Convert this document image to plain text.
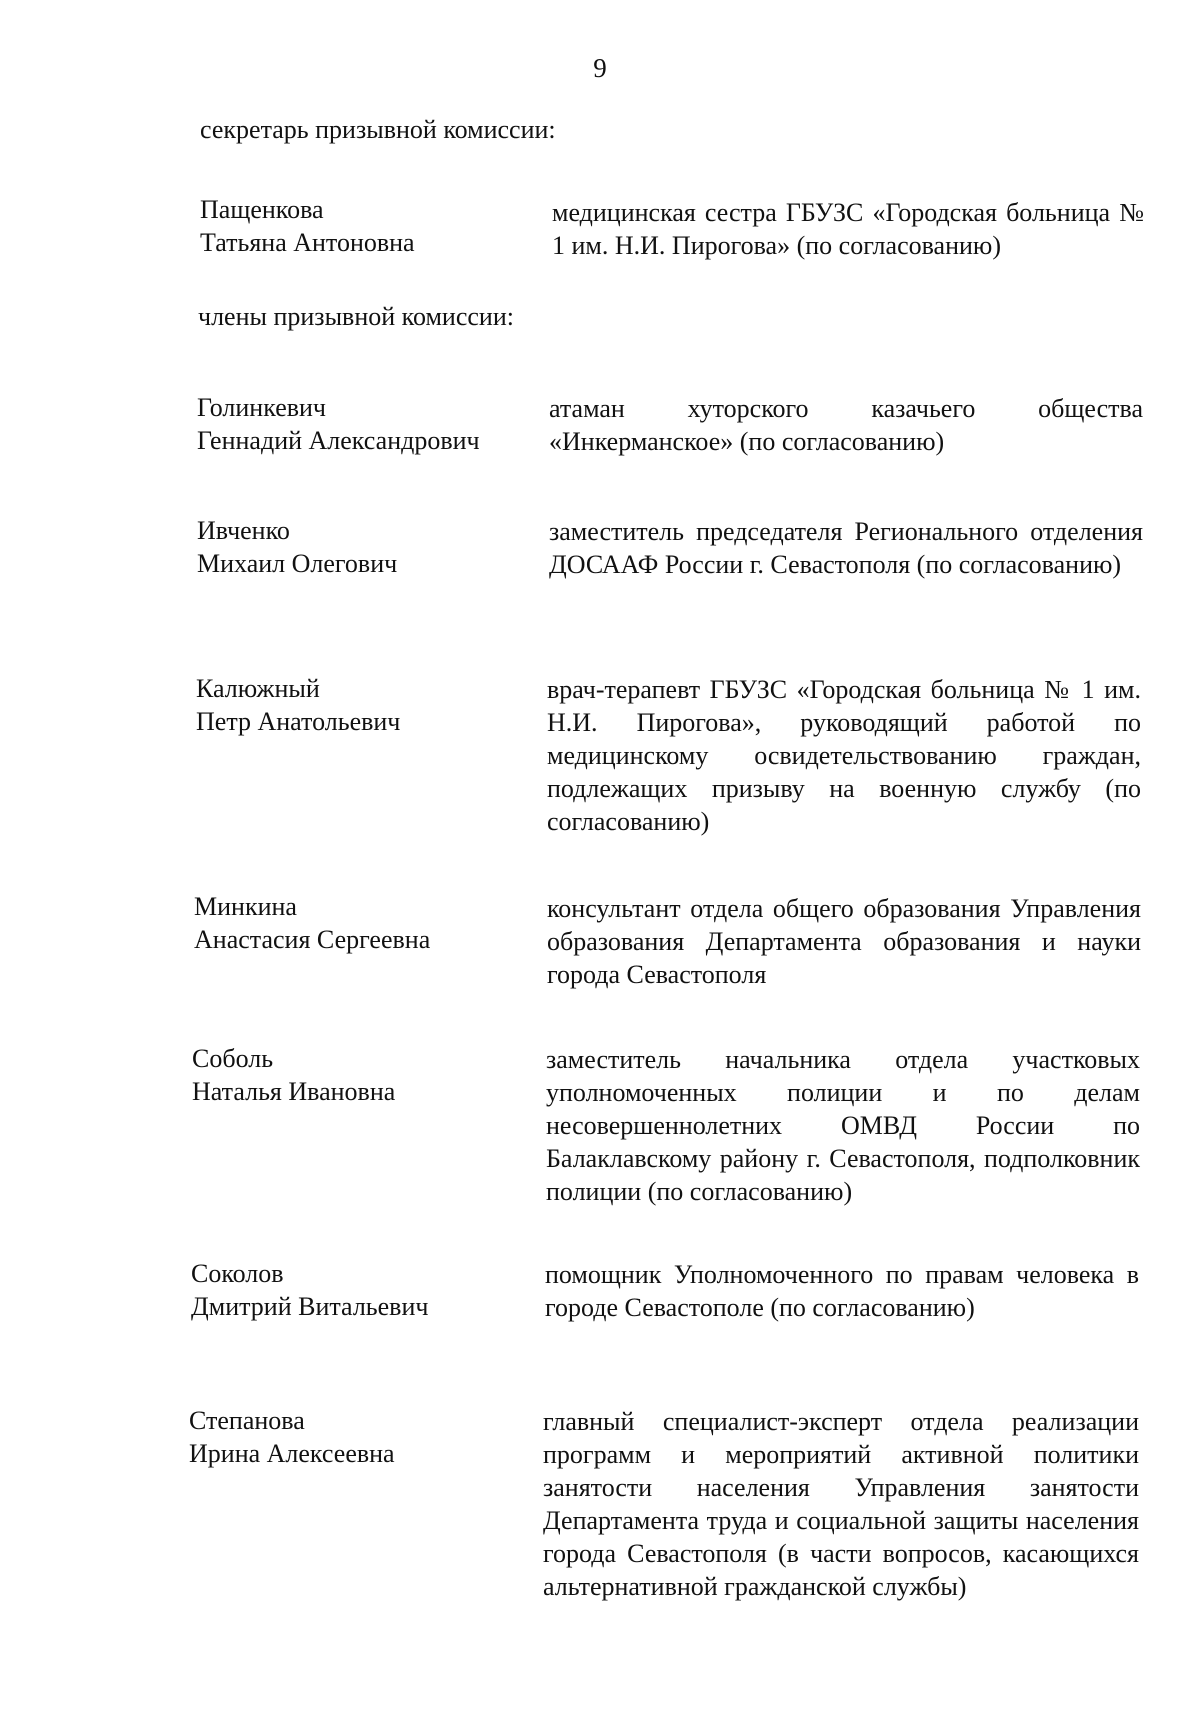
9
секретарь призывной комиссии:
Пащенкова
Татьяна Антоновна
медицинская сестра ГБУЗС «Городская больница № 1 им. Н.И. Пирогова» (по согласованию)
члены призывной комиссии:
Голинкевич
Геннадий Александрович
атаман хуторского казачьего общества «Инкерманское» (по согласованию)
Ивченко
Михаил Олегович
заместитель председателя Регионального отделения ДОСААФ России г. Севастополя (по согласованию)
Калюжный
Петр Анатольевич
врач-терапевт ГБУЗС «Городская больница № 1 им. Н.И. Пирогова», руководящий работой по медицинскому освидетельствованию граждан, подлежащих призыву на военную службу (по согласованию)
Минкина
Анастасия Сергеевна
консультант отдела общего образования Управления образования Департамента образования и науки города Севастополя
Соболь
Наталья Ивановна
заместитель начальника отдела участковых уполномоченных полиции и по делам несовершеннолетних ОМВД России по Балаклавскому району г. Севастополя, подполковник полиции (по согласованию)
Соколов
Дмитрий Витальевич
помощник Уполномоченного по правам человека в городе Севастополе (по согласованию)
Степанова
Ирина Алексеевна
главный специалист-эксперт отдела реализации программ и мероприятий активной политики занятости населения Управления занятости Департамента труда и социальной защиты населения города Севастополя (в части вопросов, касающихся альтернативной гражданской службы)
